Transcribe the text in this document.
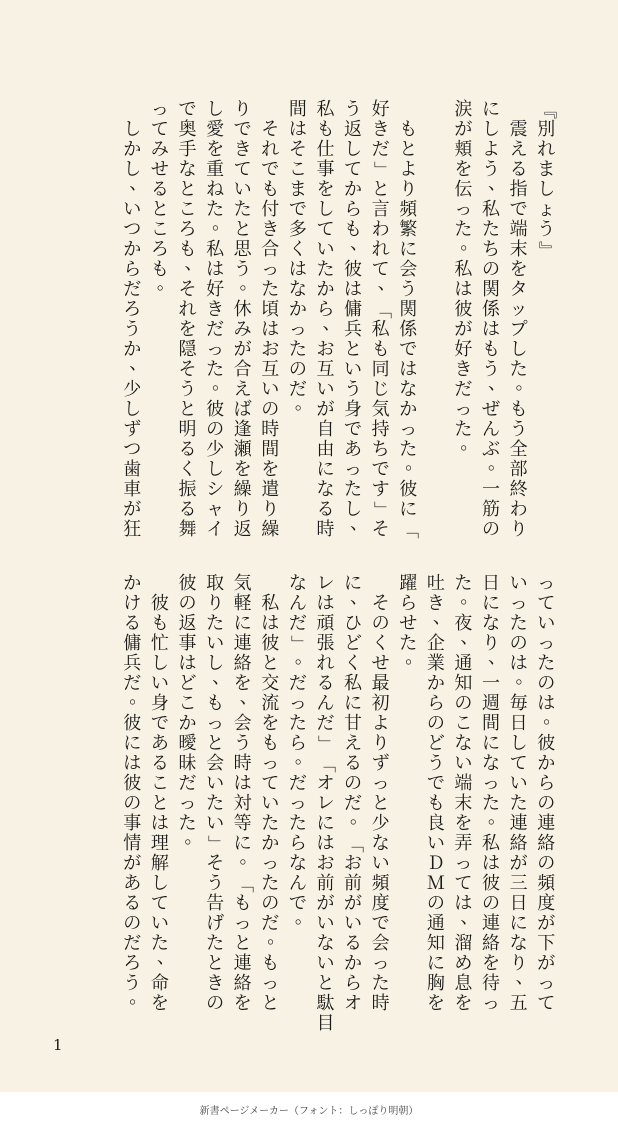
『
別
れ
ま
し
ょ
う
』

震
え
る
指
で
端
末
を
タ
ッ
プ
し
た
。
も
う
全
部
終
わ
り
に
し
よ
う
、
私
た
ち
の
関
係
は
も
う
、
ぜ
ん
ぶ
。
一
筋
の
涙
が
頬
を
伝
っ
た
。
私
は
彼
が
好
き
だ
っ
た
。

も
と
よ
り
頻
繁
に
会
う
関
係
で
は
な
か
っ
た
。
彼
に
「
好
き
だ
」
と
言
わ
れ
て
、
「
私
も
同
じ
気
持
ち
で
す
」
そ
う
返
し
て
か
ら
も
、
彼
は
傭
兵
と
い
う
身
で
あ
っ
た
し
、
私
も
仕
事
を
し
て
い
た
か
ら
、
お
互
い
が
自
由
に
な
る
時
間
は
そ
こ
ま
で
多
く
は
な
か
っ
た
の
だ
。

そ
れ
で
も
付
き
合
っ
た
頃
は
お
互
い
の
時
間
を
遣
り
繰
り
で
き
て
い
た
と
思
う
。
休
み
が
合
え
ば
逢
瀬
を
繰
り
返
し
愛
を
重
ね
た
。
私
は
好
き
だ
っ
た
。
彼
の
少
し
シ
ャ
イ
で
奥
手
な
と
こ
ろ
も
、
そ
れ
を
隠
そ
う
と
明
る
く
振
る
舞
っ
て
み
せ
る
と
こ
ろ
も
。

し
か
し
、
い
つ
か
ら
だ
ろ
う
か
、
少
し
ず
つ
歯
車
が
狂
っ
て
い
っ
た
の
は
。
彼
か
ら
の
連
絡
の
頻
度
が
下
が
っ
て
い
っ
た
の
は
。
毎
日
し
て
い
た
連
絡
が
三
日
に
な
り
、
五
日
に
な
り
、
一
週
間
に
な
っ
た
。
私
は
彼
の
連
絡
を
待
っ
た
。
夜
、
通
知
の
こ
な
い
端
末
を
弄
っ
て
は
、
溜
め
息
を
吐
き
、
企
業
か
ら
の
ど
う
で
も
良
い
Ｄ
Ｍ
の
通
知
に
胸
を
躍
ら
せ
た
。

そ
の
く
せ
最
初
よ
り
ず
っ
と
少
な
い
頻
度
で
会
っ
た
時
に
、
ひ
ど
く
私
に
甘
え
る
の
だ
。
「
お
前
が
い
る
か
ら
オ
レ
は
頑
張
れ
る
ん
だ
」
「
オ
レ
に
は
お
前
が
い
な
い
と
駄
目
な
ん
だ
」
。
だ
っ
た
ら
。
だ
っ
た
ら
な
ん
で
。

私
は
彼
と
交
流
を
も
っ
て
い
た
か
っ
た
の
だ
。
も
っ
と
気
軽
に
連
絡
を
、
会
う
時
は
対
等
に
。
「
も
っ
と
連
絡
を
取
り
た
い
し
、
も
っ
と
会
い
た
い
」
そ
う
告
げ
た
と
き
の
彼
の
返
事
は
ど
こ
か
曖
昧
だ
っ
た
。

彼
も
忙
し
い
身
で
あ
る
こ
と
は
理
解
し
て
い
た
、
命
を
か
け
る
傭
兵
だ
。
彼
に
は
彼
の
事
情
が
あ
る
の
だ
ろ
う
。
1
新書ページメーカー（フォント：しっぽり明朝）
